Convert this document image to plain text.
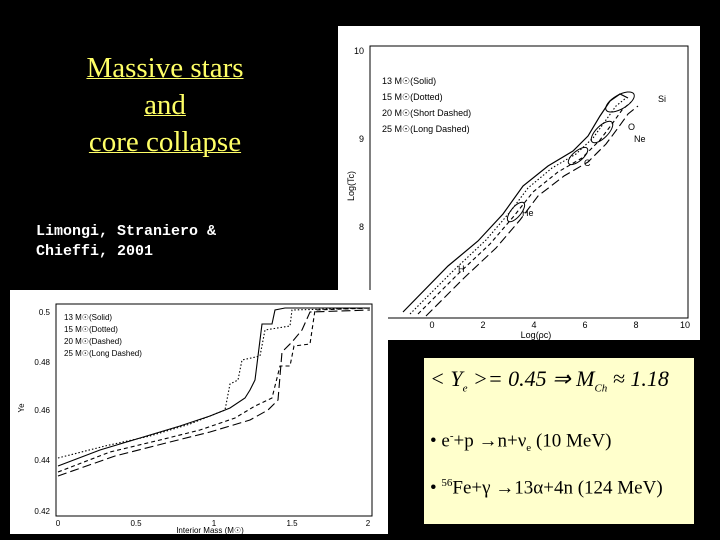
Massive stars
and
core collapse
Limongi, Straniero &
Chieffi, 2001
10
9
8
0	2	4	6	8	10
Log(ρc)
Log(Tc)
13 M☉(Solid)
15 M☉(Dotted)
20 M☉(Short Dashed)
25 M☉(Long Dashed)
Si
O
Ne
C
He
H
0.5
0.48
0.46
0.44
0.42
0	0.5	1	1.5	2
Interior Mass (M☉)
Ye
13 M☉(Solid)
15 M☉(Dotted)
20 M☉(Dashed)
25 M☉(Long Dashed)
< $Y_e >= 0.45$ ⇒ $M_{Ch} \approx 1.18$
• $e^-+p \to n+\nu_e$ (10 MeV)
• $^{56}$Fe+γ →13α+4n (124 MeV)
